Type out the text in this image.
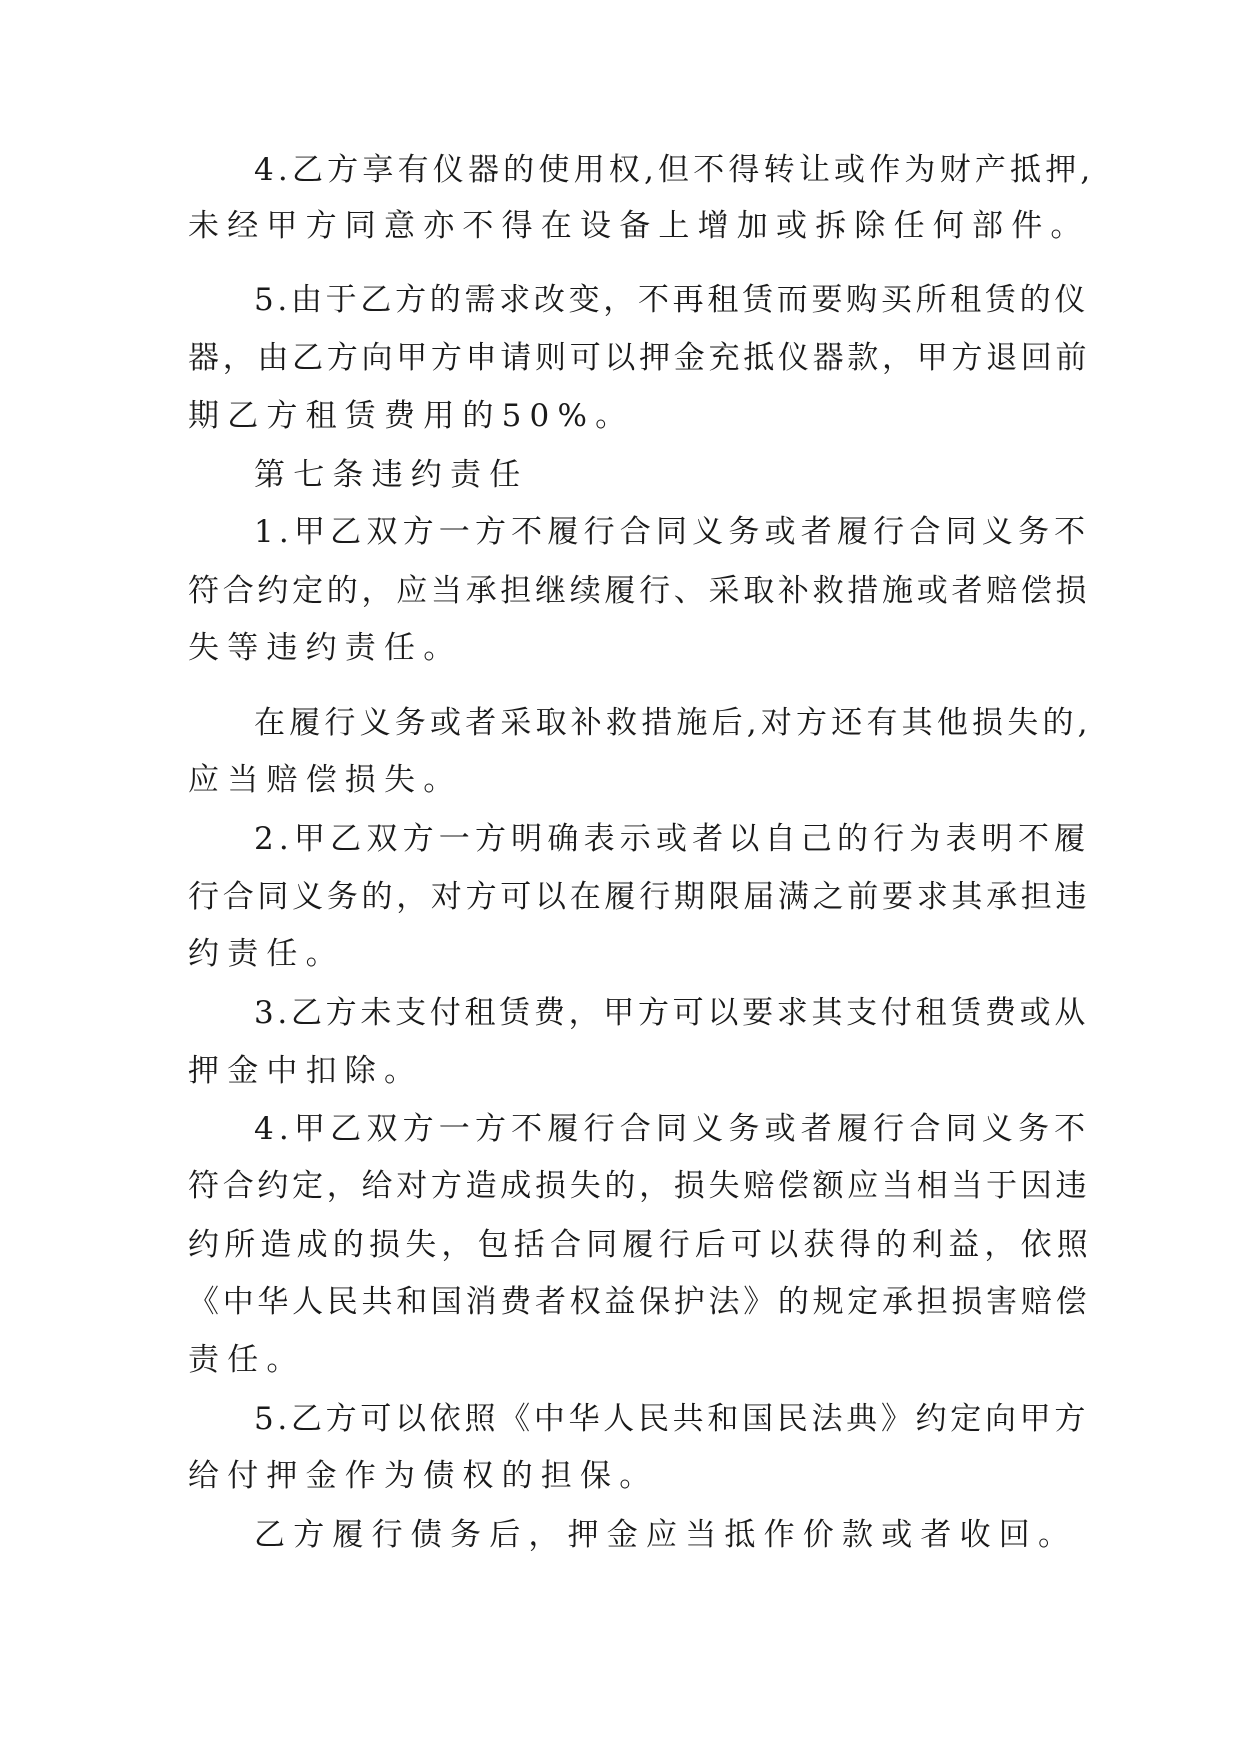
4.乙方享有仪器的使用权,但不得转让或作为财产抵押,
未经甲方同意亦不得在设备上增加或拆除任何部件。
5.由于乙方的需求改变，不再租赁而要购买所租赁的仪
器，由乙方向甲方申请则可以押金充抵仪器款，甲方退回前
期乙方租赁费用的50%。
第七条违约责任
1.甲乙双方一方不履行合同义务或者履行合同义务不
符合约定的，应当承担继续履行、采取补救措施或者赔偿损
失等违约责任。
在履行义务或者采取补救措施后,对方还有其他损失的,
应当赔偿损失。
2.甲乙双方一方明确表示或者以自己的行为表明不履
行合同义务的，对方可以在履行期限届满之前要求其承担违
约责任。
3.乙方未支付租赁费，甲方可以要求其支付租赁费或从
押金中扣除。
4.甲乙双方一方不履行合同义务或者履行合同义务不
符合约定，给对方造成损失的，损失赔偿额应当相当于因违
约所造成的损失，包括合同履行后可以获得的利益，依照
《中华人民共和国消费者权益保护法》的规定承担损害赔偿
责任。
5.乙方可以依照《中华人民共和国民法典》约定向甲方
给付押金作为债权的担保。
乙方履行债务后，押金应当抵作价款或者收回。
